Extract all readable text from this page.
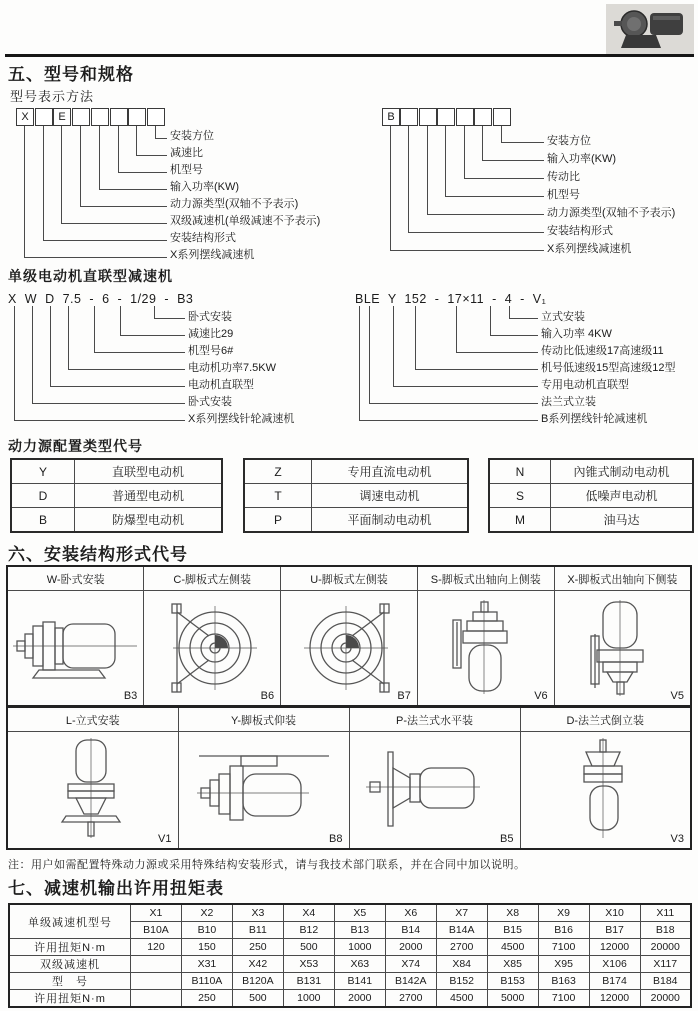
五、型号和规格
型号表示方法
X	E
安装方位
减速比
机型号
输入功率(KW)
动力源类型(双轴不予表示)
双级减速机(单级减速不予表示)
安装结构形式
X系列摆线减速机
B
安装方位
输入功率(KW)
传动比
机型号
动力源类型(双轴不予表示)
安装结构形式
X系列摆线减速机
单级电动机直联型减速机
X W D 7.5 - 6 - 1/29 - B3
卧式安装
减速比29
机型号6#
电动机功率7.5KW
电动机直联型
卧式安装
X系列摆线针轮减速机
BLE Y 152 - 17×11 - 4 - V₁
立式安装
输入功率 4KW
传动比低速级17高速级11
机号低速级15型高速级12型
专用电动机直联型
法兰式立装
B系列摆线针轮减速机
动力源配置类型代号
Y	直联型电动机
D	普通型电动机
B	防爆型电动机
Z	专用直流电动机
T	调速电动机
P	平面制动电动机
N	內锥式制动电动机
S	低噪声电动机
M	油马达
六、安装结构形式代号
W-卧式安装	C-脚板式左侧装	U-脚板式左侧装	S-脚板式出轴向上侧装	X-脚板式出轴向下侧装

B3	B6	B7	V6	V5
L-立式安装	Y-脚板式仰装	P-法兰式水平装	D-法兰式倒立装

V1	B8	B5	V3
注：用户如需配置特殊动力源或采用特殊结构安装形式，请与我技术部门联系，并在合同中加以说明。
七、减速机输出许用扭矩表
单级减速机型号	X1	X2	X3	X4	X5	X6	X7	X8	X9	X10	X11
	B10A	B10	B11	B12	B13	B14	B14A	B15	B16	B17	B18
许用扭矩N·m	120	150	250	500	1000	2000	2700	4500	7100	12000	20000
双级减速机		X31	X42	X53	X63	X74	X84	X85	X95	X106	X117
型　号		B110A	B120A	B131	B141	B142A	B152	B153	B163	B174	B184
许用扭矩N·m		250	500	1000	2000	2700	4500	5000	7100	12000	20000
